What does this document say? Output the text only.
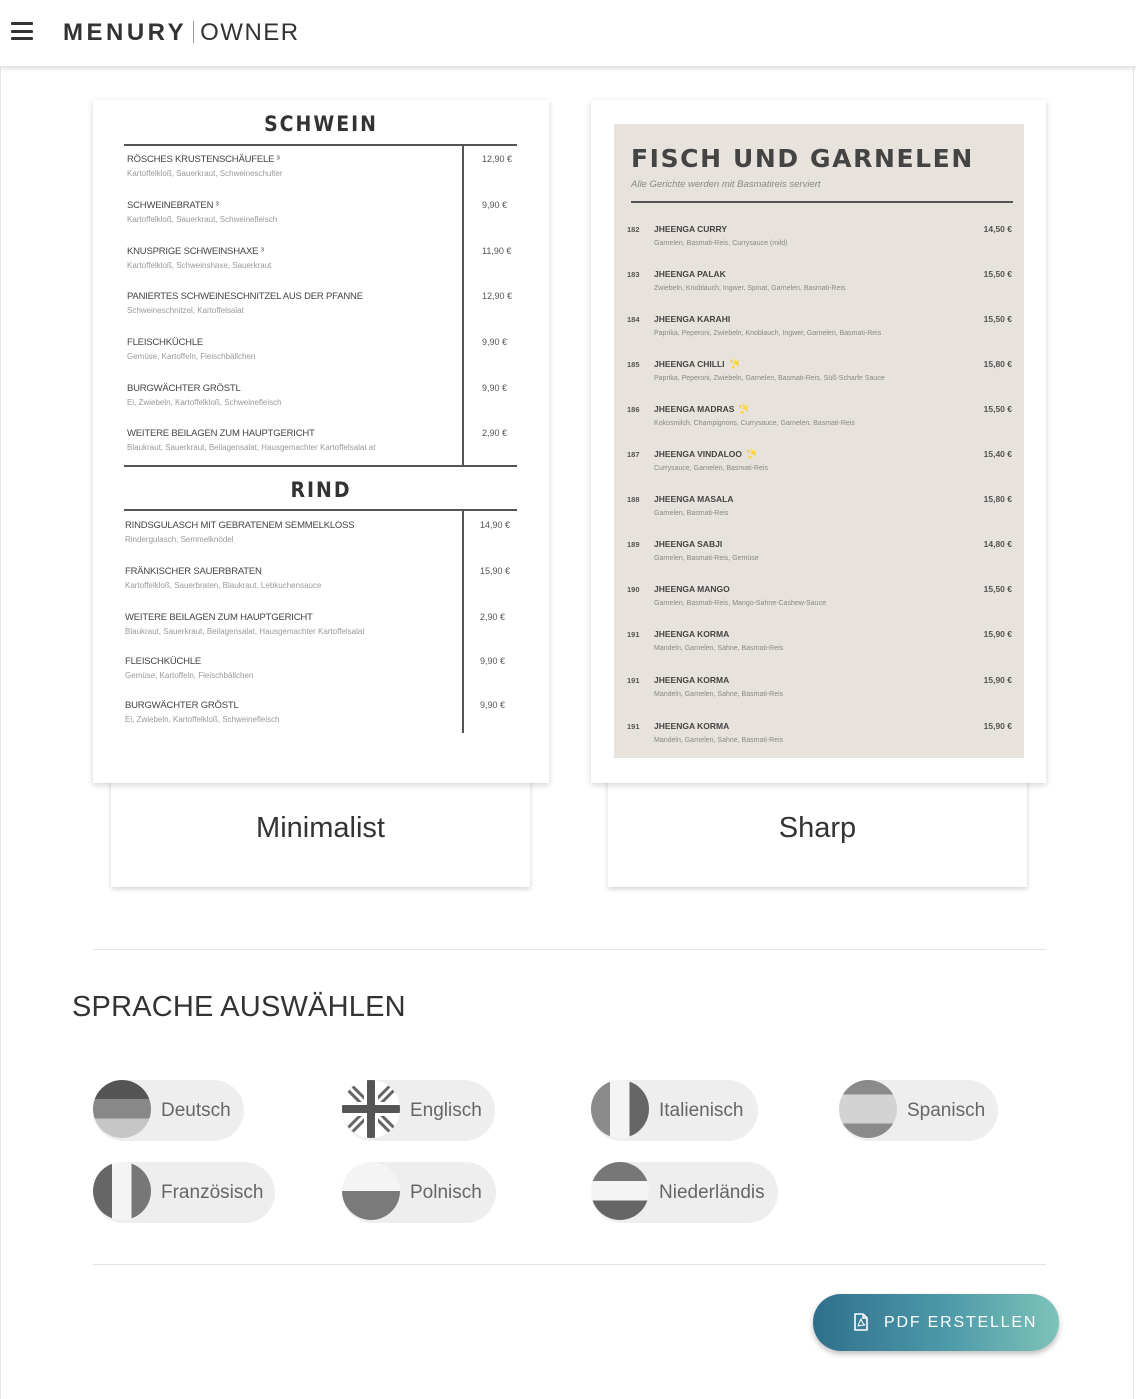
MENURY OWNER
Minimalist	Sharp
SCHWEIN
RÖSCHES KRUSTENSCHÄUFELE ³
Kartoffelkloß, Sauerkraut, Schweineschulter
12,90 €
SCHWEINEBRATEN ³
Kartoffelkloß, Sauerkraut, Schweinefleisch
9,90 €
KNUSPRIGE SCHWEINSHAXE ³
Kartoffelkloß, Schweinshaxe, Sauerkraut
11,90 €
PANIERTES SCHWEINESCHNITZEL AUS DER PFANNE
Schweineschnitzel, Kartoffelsalat
12,90 €
FLEISCHKÜCHLE
Gemüse, Kartoffeln, Fleischbällchen
9,90 €
BURGWÄCHTER GRÖSTL
Ei, Zwiebeln, Kartoffelkloß, Schweinefleisch
9,90 €
WEITERE BEILAGEN ZUM HAUPTGERICHT
Blaukraut, Sauerkraut, Beilagensalat, Hausgemachter Kartoffelsalat at
2,90 €
RIND
RINDSGULASCH MIT GEBRATENEM SEMMELKLOSS
Rindergulasch, Semmelknödel
14,90 €
FRÄNKISCHER SAUERBRATEN
Kartoffelkloß, Sauerbraten, Blaukraut, Lebkuchensauce
15,90 €
WEITERE BEILAGEN ZUM HAUPTGERICHT
Blaukraut, Sauerkraut, Beilagensalat, Hausgemachter Kartoffelsalat
2,90 €
FLEISCHKÜCHLE
Gemüse, Kartoffeln, Fleischbällchen
9,90 €
BURGWÄCHTER GRÖSTL
Ei, Zwiebeln, Kartoffelkloß, Schweinefleisch
9,90 €
FISCH UND GARNELEN
Alle Gerichte werden mit Basmatireis serviert
182 JHEENGA CURRY
Garnelen, Basmati-Reis, Currysauce (mild)
14,50 €
183 JHEENGA PALAK
Zwiebeln, Knoblauch, Ingwer, Spinat, Garnelen, Basmati-Reis
15,50 €
184 JHEENGA KARAHI
Paprika, Peperoni, Zwiebeln, Knoblauch, Ingwer, Garnelen, Basmati-Reis
15,50 €
185 JHEENGA CHILLI ✨
Paprika, Peperoni, Zwiebeln, Garnelen, Basmati-Reis, Süß-Scharfe Sauce
15,80 €
186 JHEENGA MADRAS ✨
Kokosmilch, Champignons, Currysauce, Garnelen, Basmati-Reis
15,50 €
187 JHEENGA VINDALOO ✨
Currysauce, Garnelen, Basmati-Reis
15,40 €
188 JHEENGA MASALA
Garnelen, Basmati-Reis
15,80 €
189 JHEENGA SABJI
Garnelen, Basmati-Reis, Gemüse
14,80 €
190 JHEENGA MANGO
Garnelen, Basmati-Reis, Mango-Sahne-Cashew-Sauce
15,50 €
191 JHEENGA KORMA
Mandeln, Garnelen, Sahne, Basmati-Reis
15,90 €
191 JHEENGA KORMA
Mandeln, Garnelen, Sahne, Basmati-Reis
15,90 €
191 JHEENGA KORMA
Mandeln, Garnelen, Sahne, Basmati-Reis
15,90 €
SPRACHE AUSWÄHLEN
Deutsch	Englisch	Italienisch	Spanisch
Französisch	Polnisch	Niederländis
PDF ERSTELLEN
